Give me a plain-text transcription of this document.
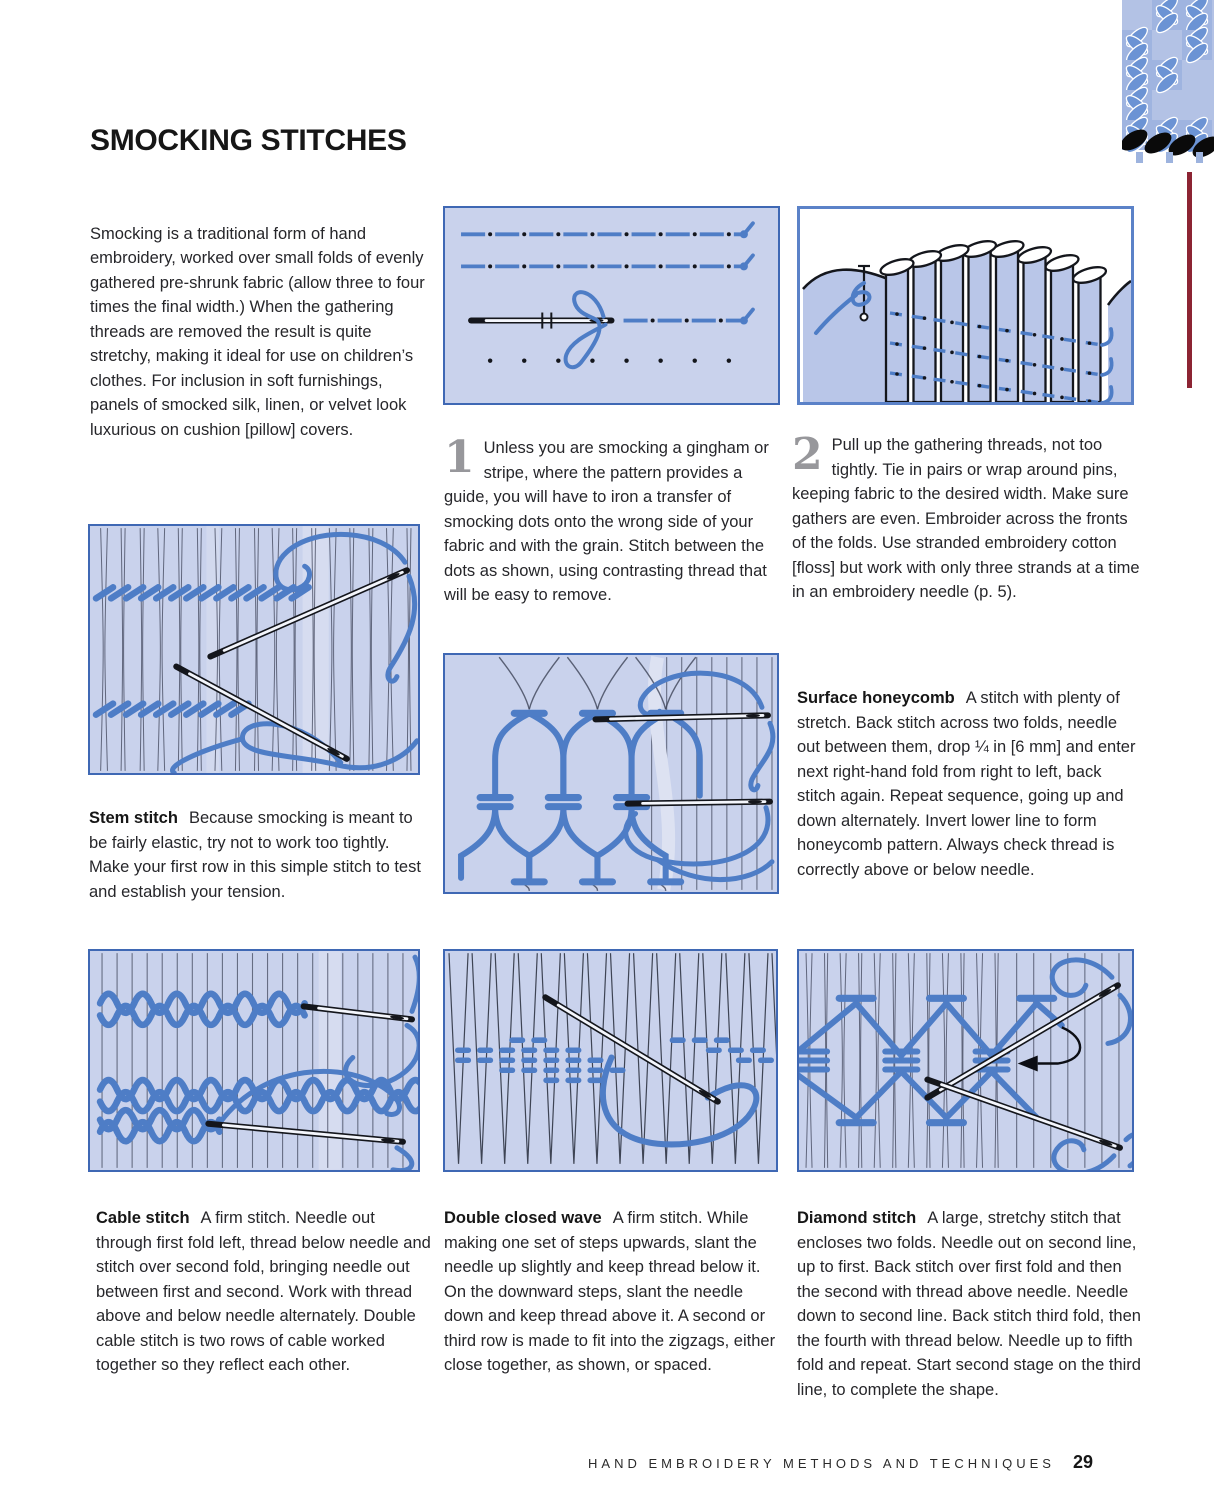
SMOCKING STITCHES

Smocking is a traditional form of hand embroidery, worked over small folds of evenly gathered pre-shrunk fabric (allow three to four times the final width.) When the gathering threads are removed the result is quite stretchy, making it ideal for use on children’s clothes. For inclusion in soft furnishings, panels of smocked silk, linen, or velvet look luxurious on cushion [pillow] covers.

1 Unless you are smocking a gingham or stripe, where the pattern provides a guide, you will have to iron a transfer of smocking dots onto the wrong side of your fabric and with the grain. Stitch between the dots as shown, using contrasting thread that will be easy to remove.
2 Pull up the gathering threads, not too tightly. Tie in pairs or wrap around pins, keeping fabric to the desired width. Make sure gathers are even. Embroider across the fronts of the folds. Use stranded embroidery cotton [floss] but work with only three strands at a time in an embroidery needle (p. 5).
Surface honeycomb A stitch with plenty of stretch. Back stitch across two folds, needle out between them, drop ¼ in [6 mm] and enter next right-hand fold from right to left, back stitch again. Repeat sequence, going up and down alternately. Invert lower line to form honeycomb pattern. Always check thread is correctly above or below needle.
Stem stitch Because smocking is meant to be fairly elastic, try not to work too tightly. Make your first row in this simple stitch to test and establish your tension.
Cable stitch A firm stitch. Needle out through first fold left, thread below needle and stitch over second fold, bringing needle out between first and second. Work with thread above and below needle alternately. Double cable stitch is two rows of cable worked together so they reflect each other.
Double closed wave A firm stitch. While making one set of steps upwards, slant the needle up slightly and keep thread below it. On the downward steps, slant the needle down and keep thread above it. A second or third row is made to fit into the zigzags, either close together, as shown, or spaced.
Diamond stitch A large, stretchy stitch that encloses two folds. Needle out on second line, up to first. Back stitch over first fold and then the second with thread above needle. Needle down to second line. Back stitch third fold, then the fourth with thread below. Needle up to fifth fold and repeat. Start second stage on the third line, to complete the shape.
HAND EMBROIDERY METHODS AND TECHNIQUES 29
